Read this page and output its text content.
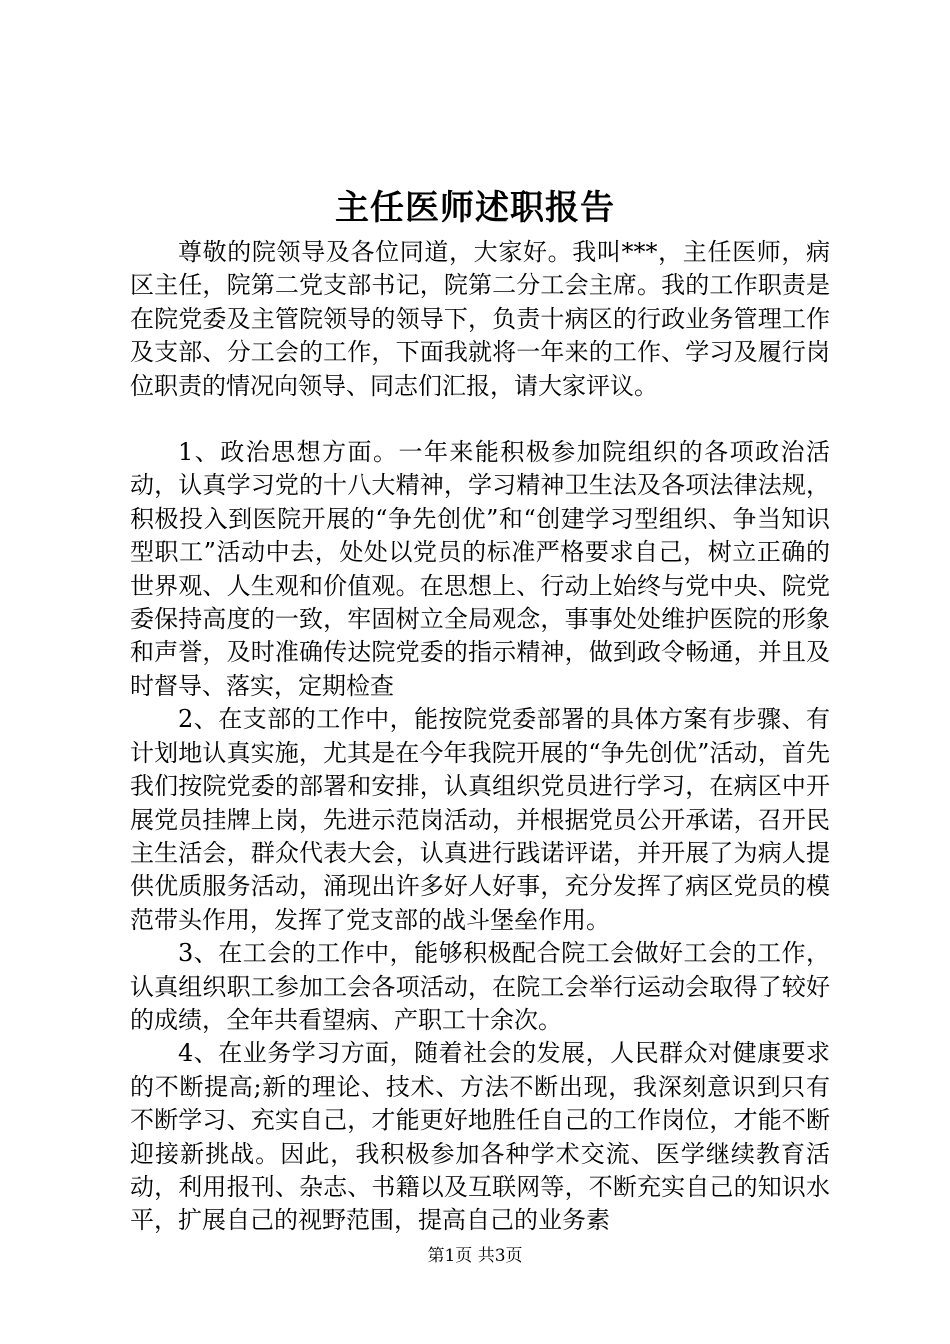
主任医师述职报告

尊敬的院领导及各位同道，大家好。我叫***，主任医师，病区主任，院第二党支部书记，院第二分工会主席。我的工作职责是在院党委及主管院领导的领导下，负责十病区的行政业务管理工作及支部、分工会的工作，下面我就将一年来的工作、学习及履行岗位职责的情况向领导、同志们汇报，请大家评议。

1、政治思想方面。一年来能积极参加院组织的各项政治活动，认真学习党的十八大精神，学习精神卫生法及各项法律法规，积极投入到医院开展的“争先创优”和“创建学习型组织、争当知识型职工”活动中去，处处以党员的标准严格要求自己，树立正确的世界观、人生观和价值观。在思想上、行动上始终与党中央、院党委保持高度的一致，牢固树立全局观念，事事处处维护医院的形象和声誉，及时准确传达院党委的指示精神，做到政令畅通，并且及时督导、落实，定期检查

2、在支部的工作中，能按院党委部署的具体方案有步骤、有计划地认真实施，尤其是在今年我院开展的“争先创优”活动，首先我们按院党委的部署和安排，认真组织党员进行学习，在病区中开展党员挂牌上岗，先进示范岗活动，并根据党员公开承诺，召开民主生活会，群众代表大会，认真进行践诺评诺，并开展了为病人提供优质服务活动，涌现出许多好人好事，充分发挥了病区党员的模范带头作用，发挥了党支部的战斗堡垒作用。

3、在工会的工作中，能够积极配合院工会做好工会的工作，认真组织职工参加工会各项活动，在院工会举行运动会取得了较好的成绩，全年共看望病、产职工十余次。

4、在业务学习方面，随着社会的发展，人民群众对健康要求的不断提高;新的理论、技术、方法不断出现，我深刻意识到只有不断学习、充实自己，才能更好地胜任自己的工作岗位，才能不断迎接新挑战。因此，我积极参加各种学术交流、医学继续教育活动，利用报刊、杂志、书籍以及互联网等，不断充实自己的知识水平，扩展自己的视野范围，提高自己的业务素

第1页 共3页
